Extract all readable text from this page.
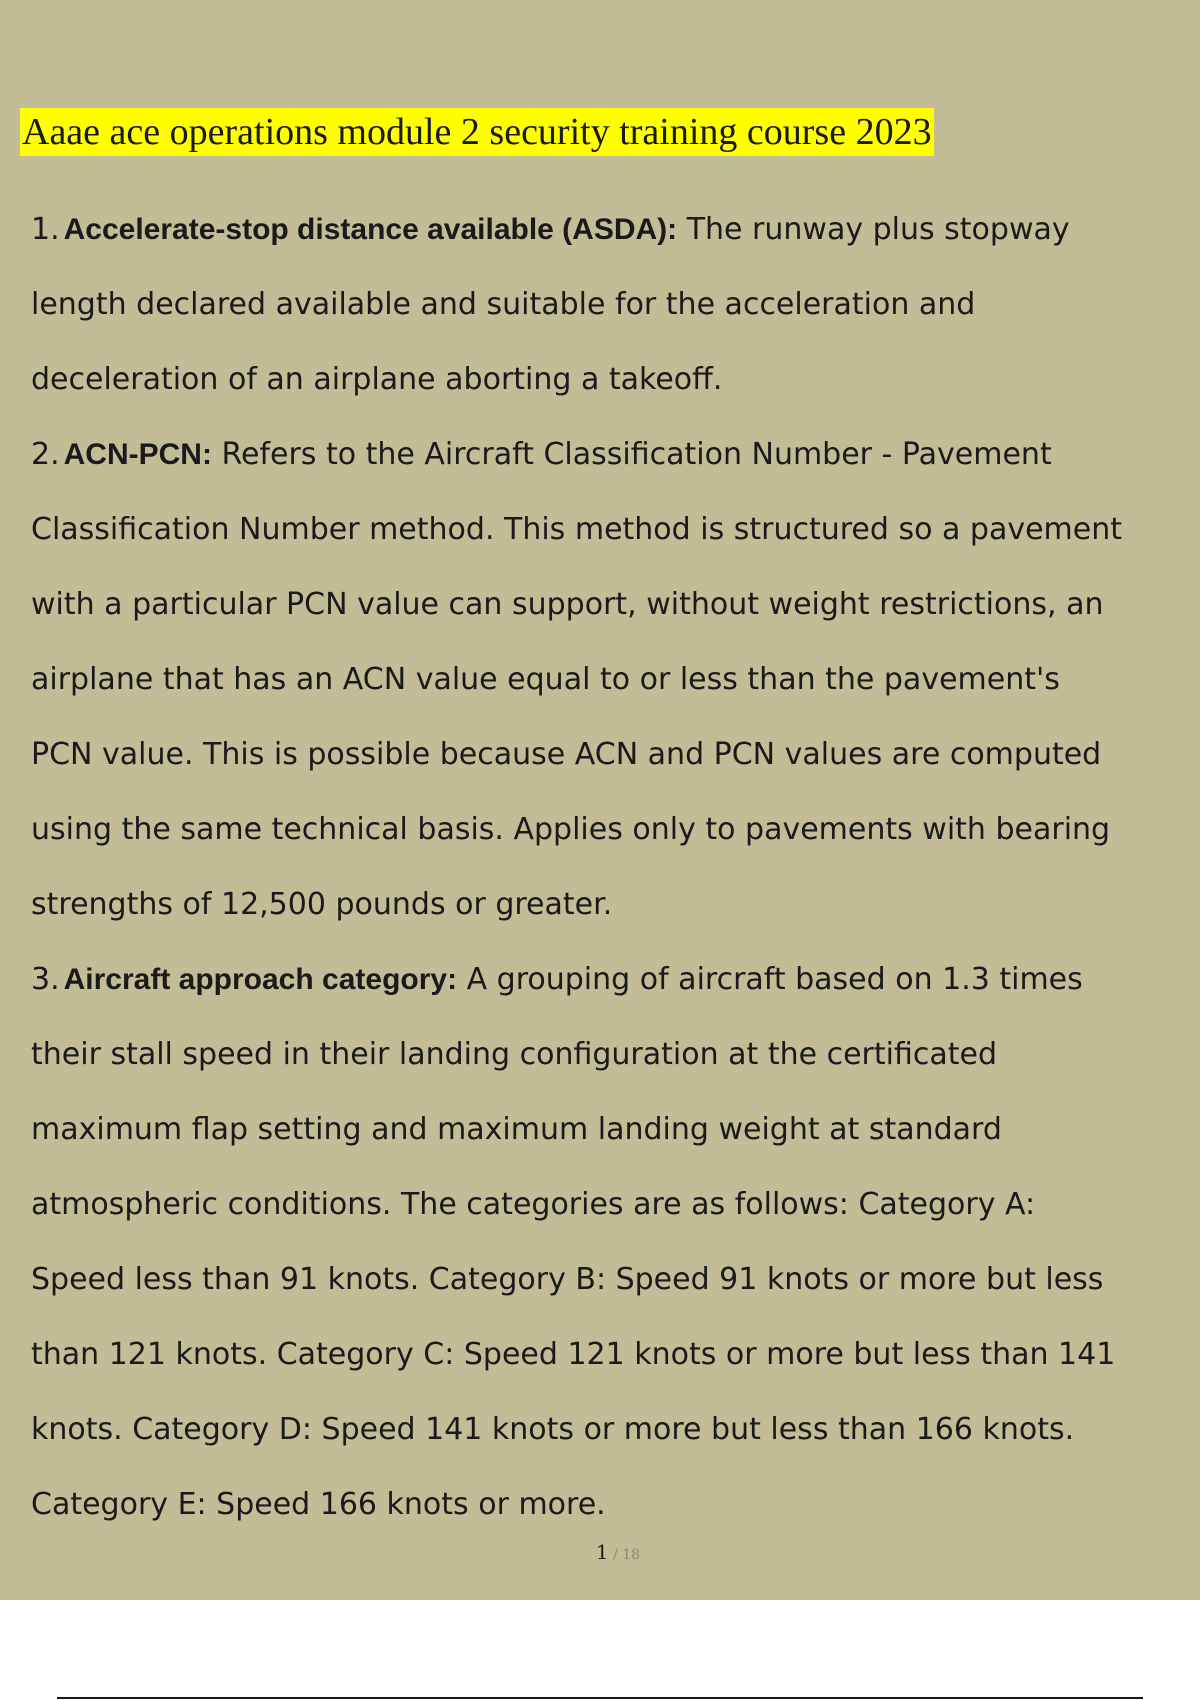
Aaae ace operations module 2 security training course 2023
1. Accelerate-stop distance available (ASDA): The runway plus stopway
length declared available and suitable for the acceleration and
deceleration of an airplane aborting a takeoff.
2. ACN-PCN: Refers to the Aircraft Classification Number - Pavement
Classification Number method. This method is structured so a pavement
with a particular PCN value can support, without weight restrictions, an
airplane that has an ACN value equal to or less than the pavement's
PCN value. This is possible because ACN and PCN values are computed
using the same technical basis. Applies only to pavements with bearing
strengths of 12,500 pounds or greater.
3. Aircraft approach category: A grouping of aircraft based on 1.3 times
their stall speed in their landing configuration at the certificated
maximum flap setting and maximum landing weight at standard
atmospheric conditions. The categories are as follows: Category A:
Speed less than 91 knots. Category B: Speed 91 knots or more but less
than 121 knots. Category C: Speed 121 knots or more but less than 141
knots. Category D: Speed 141 knots or more but less than 166 knots.
Category E: Speed 166 knots or more.
1 / 18
